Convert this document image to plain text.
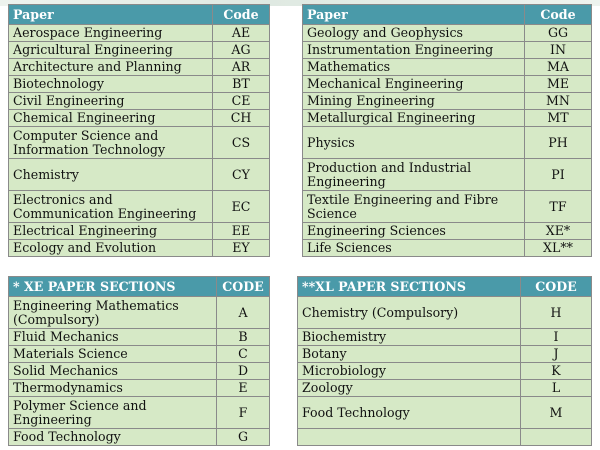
Paper	Code
Aerospace Engineering	AE
Agricultural Engineering	AG
Architecture and Planning	AR
Biotechnology	BT
Civil Engineering	CE
Chemical Engineering	CH
Computer Science and Information Technology	CS
Chemistry	CY
Electronics and Communication Engineering	EC
Electrical Engineering	EE
Ecology and Evolution	EY
Paper	Code
Geology and Geophysics	GG
Instrumentation Engineering	IN
Mathematics	MA
Mechanical Engineering	ME
Mining Engineering	MN
Metallurgical Engineering	MT
Physics	PH
Production and Industrial Engineering	PI
Textile Engineering and Fibre Science	TF
Engineering Sciences	XE*
Life Sciences	XL**
* XE PAPER SECTIONS	CODE
Engineering Mathematics (Compulsory)	A
Fluid Mechanics	B
Materials Science	C
Solid Mechanics	D
Thermodynamics	E
Polymer Science and Engineering	F
Food Technology	G
**XL PAPER SECTIONS	CODE
Chemistry (Compulsory)	H
Biochemistry	I
Botany	J
Microbiology	K
Zoology	L
Food Technology	M
